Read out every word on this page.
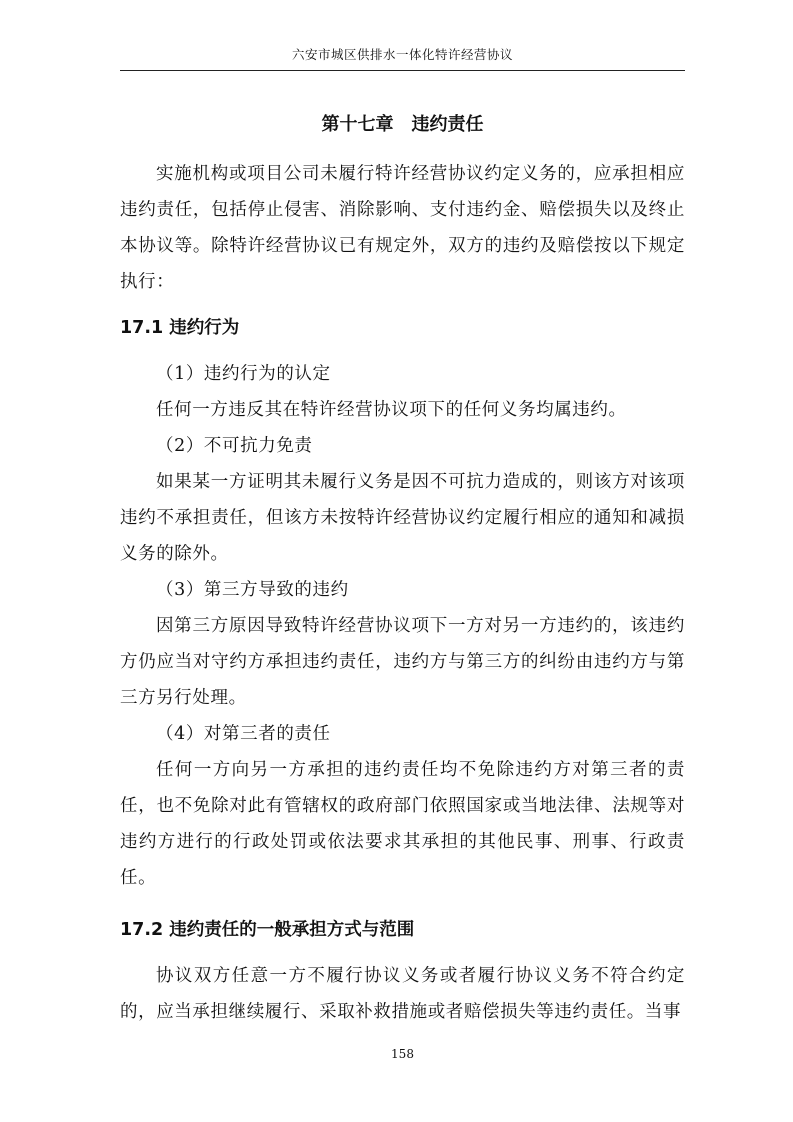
六安市城区供排水一体化特许经营协议
第十七章　违约责任

实施机构或项目公司未履行特许经营协议约定义务的，应承担相应违约责任，包括停止侵害、消除影响、支付违约金、赔偿损失以及终止本协议等。除特许经营协议已有规定外，双方的违约及赔偿按以下规定执行：

17.1 违约行为

（1）违约行为的认定

任何一方违反其在特许经营协议项下的任何义务均属违约。

（2）不可抗力免责

如果某一方证明其未履行义务是因不可抗力造成的，则该方对该项违约不承担责任，但该方未按特许经营协议约定履行相应的通知和减损义务的除外。

（3）第三方导致的违约

因第三方原因导致特许经营协议项下一方对另一方违约的，该违约方仍应当对守约方承担违约责任，违约方与第三方的纠纷由违约方与第三方另行处理。

（4）对第三者的责任

任何一方向另一方承担的违约责任均不免除违约方对第三者的责任，也不免除对此有管辖权的政府部门依照国家或当地法律、法规等对违约方进行的行政处罚或依法要求其承担的其他民事、刑事、行政责任。

17.2 违约责任的一般承担方式与范围

协议双方任意一方不履行协议义务或者履行协议义务不符合约定的，应当承担继续履行、采取补救措施或者赔偿损失等违约责任。当事

158
